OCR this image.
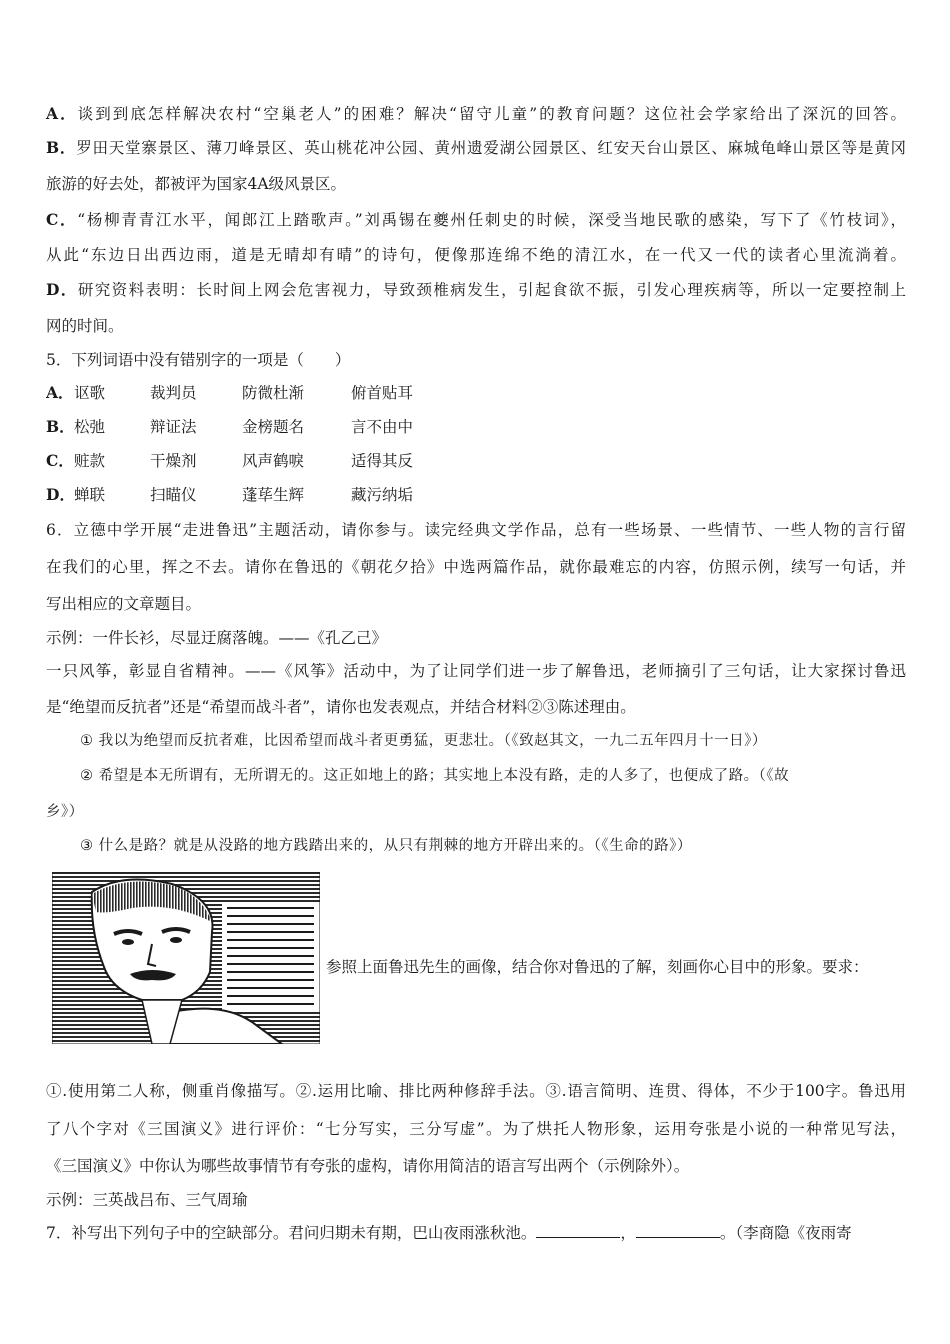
A．谈到到底怎样解决农村“空巢老人”的困难？解决“留守儿童”的教育问题？这位社会学家给出了深沉的回答。
B．罗田天堂寨景区、薄刀峰景区、英山桃花冲公园、黄州遗爱湖公园景区、红安天台山景区、麻城龟峰山景区等是黄冈
旅游的好去处，都被评为国家4A级风景区。
C．“杨柳青青江水平，闻郎江上踏歌声。”刘禹锡在夔州任刺史的时候，深受当地民歌的感染，写下了《竹枝词》，
从此“东边日出西边雨，道是无晴却有晴”的诗句，便像那连绵不绝的清江水，在一代又一代的读者心里流淌着。
D．研究资料表明：长时间上网会危害视力，导致颈椎病发生，引起食欲不振，引发心理疾病等，所以一定要控制上
网的时间。
5．下列词语中没有错别字的一项是（　　）
A． 讴歌	裁判员	防微杜渐	俯首贴耳
B． 松弛	辩证法	金榜题名	言不由中
C． 赃款	干燥剂	风声鹤唳	适得其反
D． 蝉联	扫瞄仪	蓬荜生辉	藏污纳垢
6．立德中学开展“走进鲁迅”主题活动，请你参与。读完经典文学作品，总有一些场景、一些情节、一些人物的言行留
在我们的心里，挥之不去。请你在鲁迅的《朝花夕拾》中选两篇作品，就你最难忘的内容，仿照示例，续写一句话，并
写出相应的文章题目。
示例：一件长衫，尽显迂腐落魄。——《孔乙己》
一只风筝，彰显自省精神。——《风筝》活动中，为了让同学们进一步了解鲁迅，老师摘引了三句话，让大家探讨鲁迅
是“绝望而反抗者”还是“希望而战斗者”，请你也发表观点，并结合材料②③陈述理由。
① 我以为绝望而反抗者难，比因希望而战斗者更勇猛，更悲壮。（《致赵其文，一九二五年四月十一日》）
② 希望是本无所谓有，无所谓无的。这正如地上的路；其实地上本没有路，走的人多了，也便成了路。（《故
乡》）
③ 什么是路？就是从没路的地方践踏出来的，从只有荆棘的地方开辟出来的。（《生命的路》）
参照上面鲁迅先生的画像，结合你对鲁迅的了解，刻画你心目中的形象。要求：
①.使用第二人称，侧重肖像描写。②.运用比喻、排比两种修辞手法。③.语言简明、连贯、得体，不少于100字。鲁迅用
了八个字对《三国演义》进行评价：“七分写实，三分写虚”。为了烘托人物形象，运用夸张是小说的一种常见写法，
《三国演义》中你认为哪些故事情节有夸张的虚构，请你用简洁的语言写出两个（示例除外）。
示例：三英战吕布、三气周瑜
7．补写出下列句子中的空缺部分。君问归期未有期，巴山夜雨涨秋池。	，	。（李商隐《夜雨寄
